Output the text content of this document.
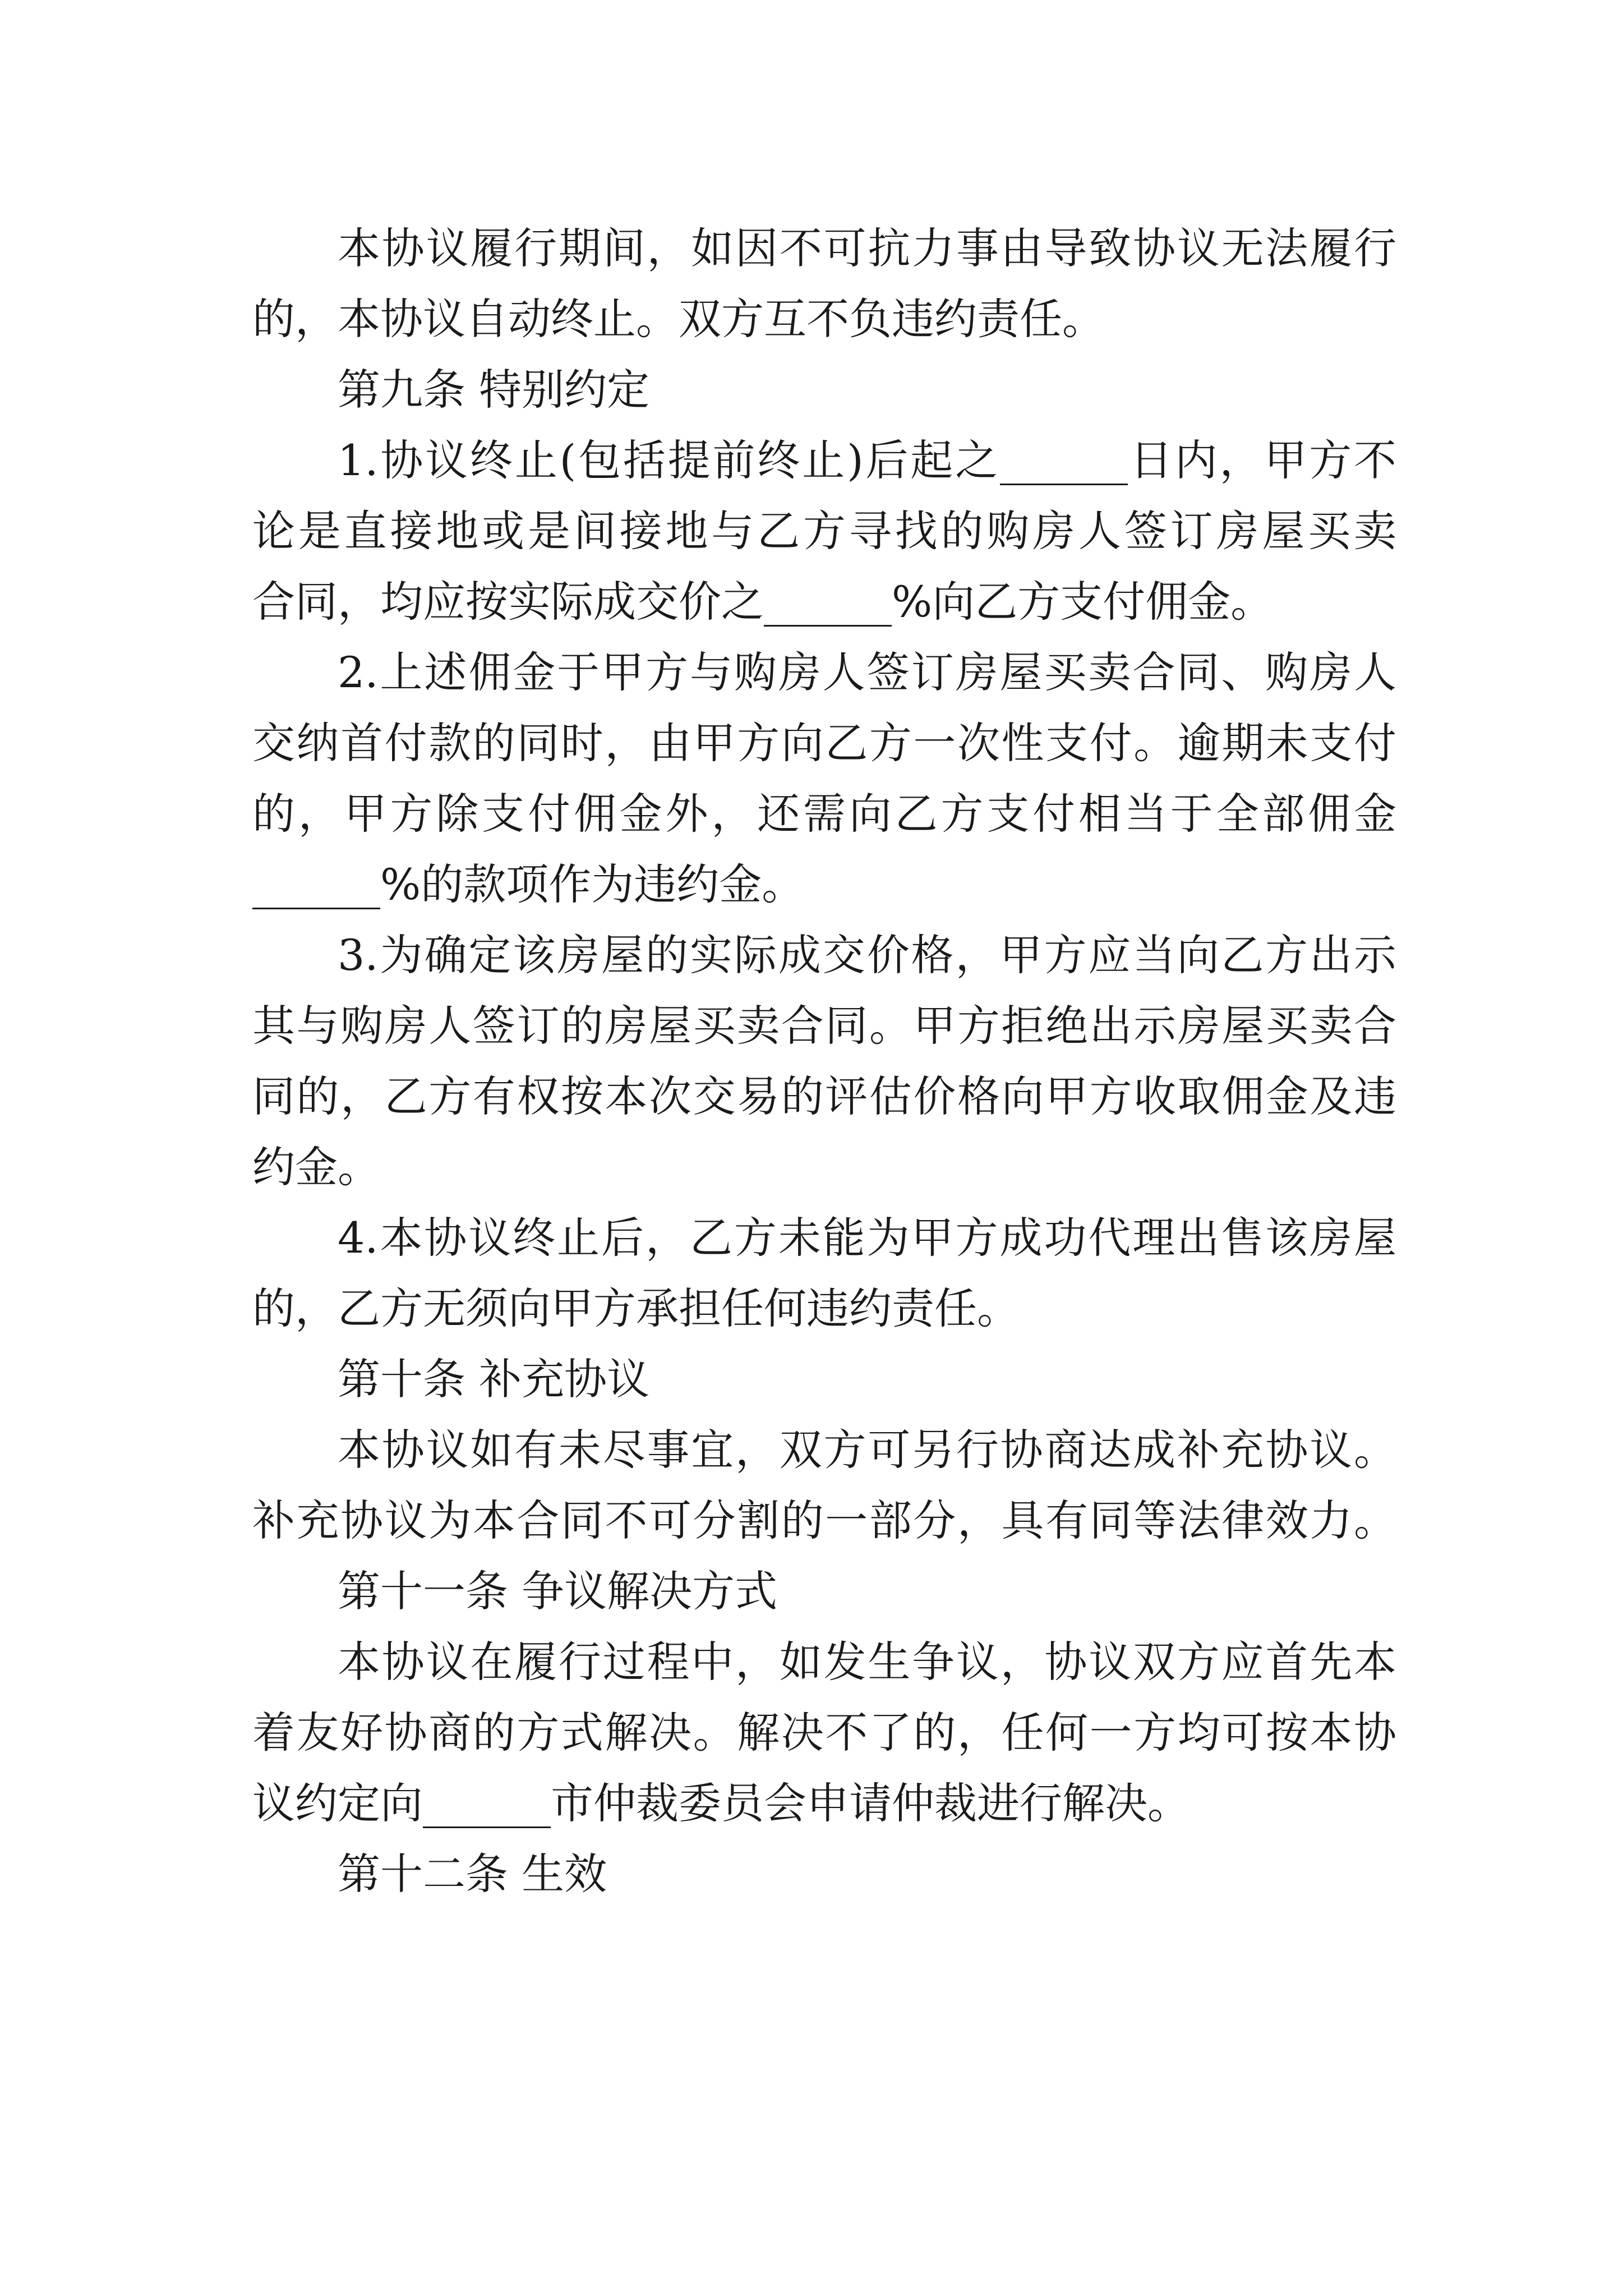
本协议履行期间，如因不可抗力事由导致协议无法履行
的，本协议自动终止。双方互不负违约责任。
第九条 特别约定
1.协议终止(包括提前终止)后起之______日内，甲方不
论是直接地或是间接地与乙方寻找的购房人签订房屋买卖
合同，均应按实际成交价之______%向乙方支付佣金。
2.上述佣金于甲方与购房人签订房屋买卖合同、购房人
交纳首付款的同时，由甲方向乙方一次性支付。逾期未支付
的，甲方除支付佣金外，还需向乙方支付相当于全部佣金
______%的款项作为违约金。
3.为确定该房屋的实际成交价格，甲方应当向乙方出示
其与购房人签订的房屋买卖合同。甲方拒绝出示房屋买卖合
同的，乙方有权按本次交易的评估价格向甲方收取佣金及违
约金。
4.本协议终止后，乙方未能为甲方成功代理出售该房屋
的，乙方无须向甲方承担任何违约责任。
第十条 补充协议
本协议如有未尽事宜，双方可另行协商达成补充协议。
补充协议为本合同不可分割的一部分，具有同等法律效力。
第十一条 争议解决方式
本协议在履行过程中，如发生争议，协议双方应首先本
着友好协商的方式解决。解决不了的，任何一方均可按本协
议约定向______市仲裁委员会申请仲裁进行解决。
第十二条 生效
